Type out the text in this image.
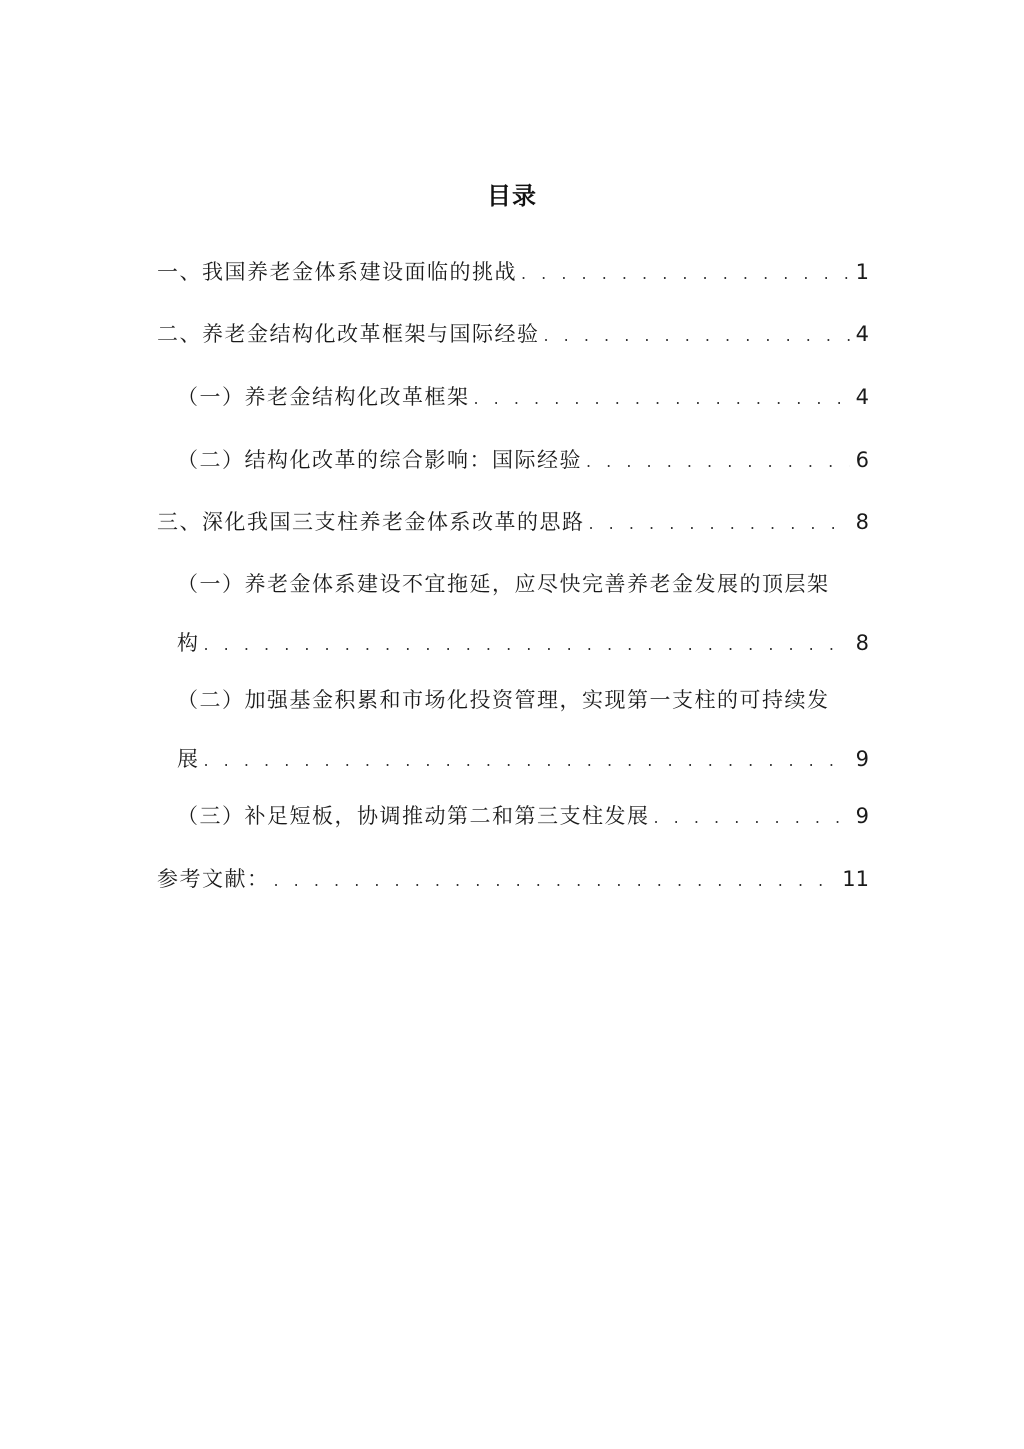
目录
一、我国养老金体系建设面临的挑战 . . .	1
二、养老金结构化改革框架与国际经验 . . .	4
（一）养老金结构化改革框架 . . .	4
（二）结构化改革的综合影响：国际经验 . . .	6
三、深化我国三支柱养老金体系改革的思路 . . .	8
（一）养老金体系建设不宜拖延，应尽快完善养老金发展的顶层架
构 . . .	8
（二）加强基金积累和市场化投资管理，实现第一支柱的可持续发
展 . . .	9
（三）补足短板，协调推动第二和第三支柱发展 . . .	9
参考文献： . . .	11
